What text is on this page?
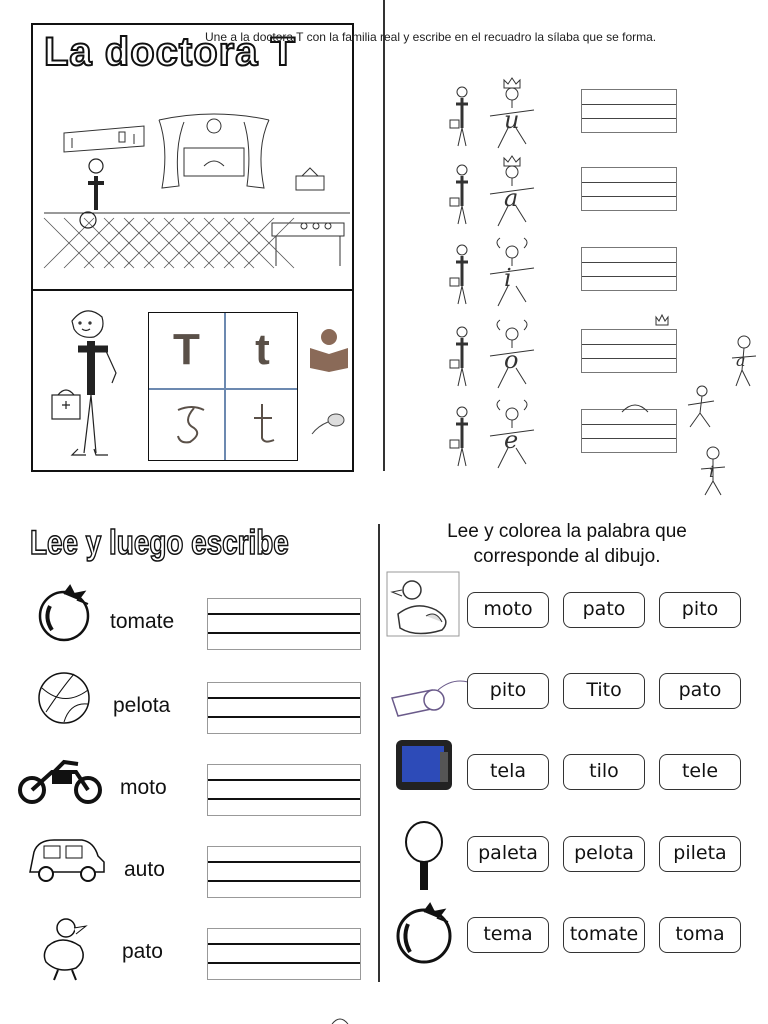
La doctora T
T	t
Une a la doctora T con la familia real y escribe en el recuadro la sílaba que se forma.
u
a
i
o
e
a
i
Lee y luego escribe
tomate
pelota
moto
auto
pato
Lee y colorea la palabra que corresponde al dibujo.
moto	pato	pito
pito	Tito	pato
tela	tilo	tele
paleta	pelota	pileta
tema	tomate	toma
